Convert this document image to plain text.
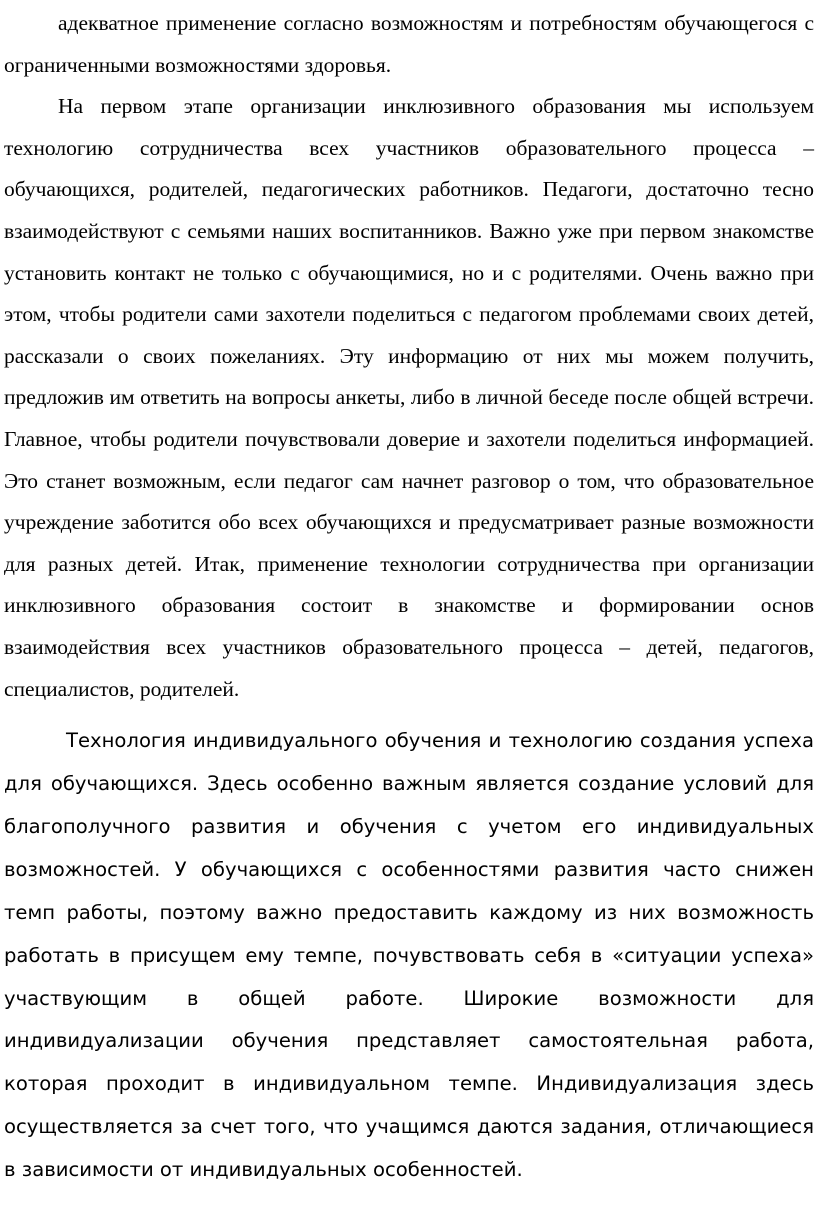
адекватное применение согласно возможностям и потребностям обучающегося с ограниченными возможностями здоровья.

На первом этапе организации инклюзивного образования мы используем технологию сотрудничества всех участников образовательного процесса – обучающихся, родителей, педагогических работников. Педагоги, достаточно тесно взаимодействуют с семьями наших воспитанников. Важно уже при первом знакомстве установить контакт не только с обучающимися, но и с родителями. Очень важно при этом, чтобы родители сами захотели поделиться с педагогом проблемами своих детей, рассказали о своих пожеланиях. Эту информацию от них мы можем получить, предложив им ответить на вопросы анкеты, либо в личной беседе после общей встречи. Главное, чтобы родители почувствовали доверие и захотели поделиться информацией. Это станет возможным, если педагог сам начнет разговор о том, что образовательное учреждение заботится обо всех обучающихся и предусматривает разные возможности для разных детей. Итак, применение технологии сотрудничества при организации инклюзивного образования состоит в знакомстве и формировании основ взаимодействия всех участников образовательного процесса – детей, педагогов, специалистов, родителей.

Технология индивидуального обучения и технологию создания успеха для обучающихся. Здесь особенно важным является создание условий для благополучного развития и обучения с учетом его индивидуальных возможностей. У обучающихся с особенностями развития часто снижен темп работы, поэтому важно предоставить каждому из них возможность работать в присущем ему темпе, почувствовать себя в «ситуации успеха» участвующим в общей работе. Широкие возможности для индивидуализации обучения представляет самостоятельная работа, которая проходит в индивидуальном темпе. Индивидуализация здесь осуществляется за счет того, что учащимся даются задания, отличающиеся в зависимости от индивидуальных особенностей.
